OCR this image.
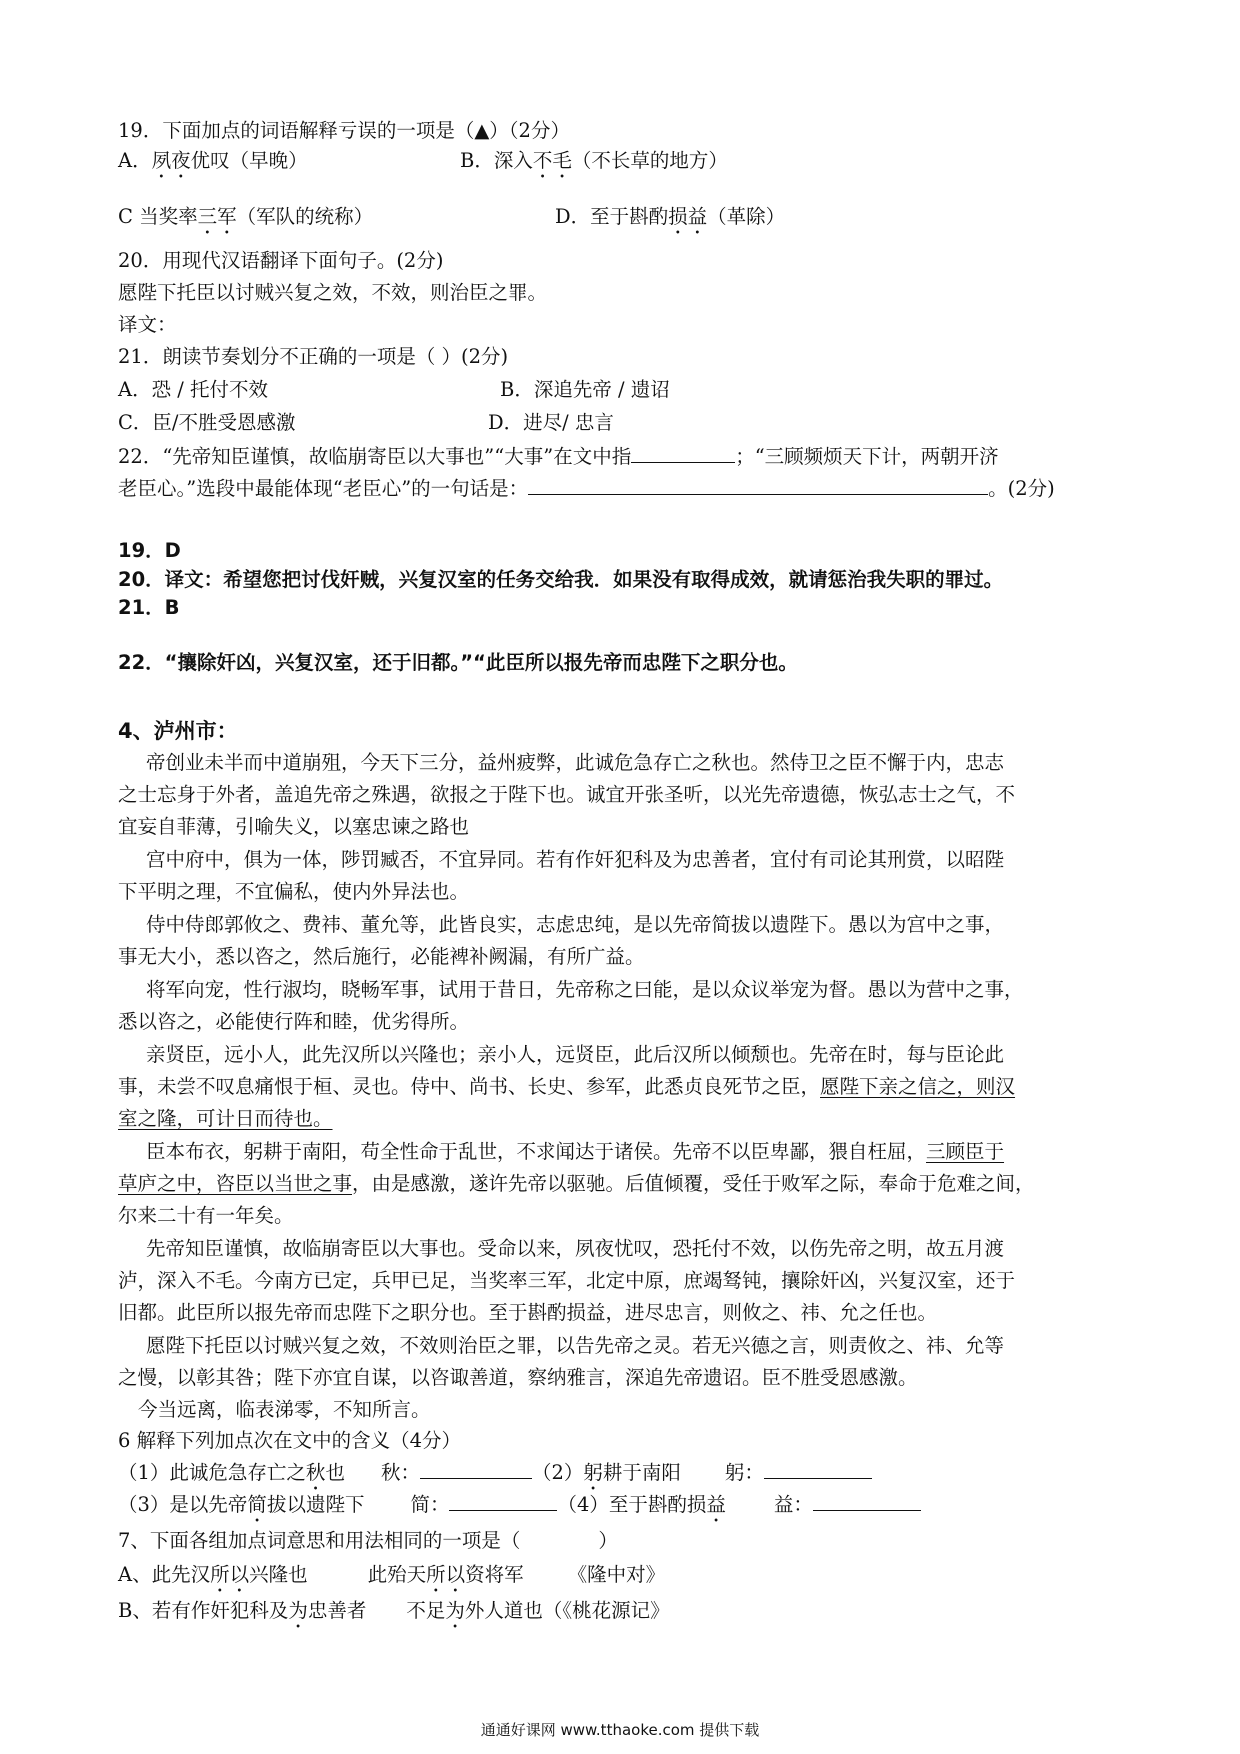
19．下面加点的词语解释亏误的一项是（▲）（2分）
A．夙夜优叹（早晚）	B．深入不毛（不长草的地方）
C 当奖率三军（军队的统称）	D．至于斟酌损益（革除）
20．用现代汉语翻译下面句子。(2分)
愿陛下托臣以讨贼兴复之效，不效，则治臣之罪。
译文：
21．朗读节奏划分不正确的一项是（ ）(2分)
A．恐 / 托付不效	B．深追先帝 / 遗诏
C．臣/不胜受恩感激	D．进尽/ 忠言
22．“先帝知臣谨慎，故临崩寄臣以大事也”“大事”在文中指	；“三顾频烦天下计，两朝开济
老臣心。”选段中最能体现“老臣心”的一句话是：	。(2分)
19．D
20．译文：希望您把讨伐奸贼，兴复汉室的任务交给我．如果没有取得成效，就请惩治我失职的罪过。
21．B
22．“攘除奸凶，兴复汉室，还于旧都。”“此臣所以报先帝而忠陛下之职分也。
4、泸州市：
帝创业未半而中道崩殂，今天下三分，益州疲弊，此诚危急存亡之秋也。然侍卫之臣不懈于内，忠志
之士忘身于外者，盖追先帝之殊遇，欲报之于陛下也。诚宜开张圣听，以光先帝遗德，恢弘志士之气，不
宜妄自菲薄，引喻失义，以塞忠谏之路也
宫中府中，俱为一体，陟罚臧否，不宜异同。若有作奸犯科及为忠善者，宜付有司论其刑赏，以昭陛
下平明之理，不宜偏私，使内外异法也。
侍中侍郎郭攸之、费祎、董允等，此皆良实，志虑忠纯，是以先帝简拔以遗陛下。愚以为宫中之事，
事无大小，悉以咨之，然后施行，必能裨补阙漏，有所广益。
将军向宠，性行淑均，晓畅军事，试用于昔日，先帝称之曰能，是以众议举宠为督。愚以为营中之事，
悉以咨之，必能使行阵和睦，优劣得所。
亲贤臣，远小人，此先汉所以兴隆也；亲小人，远贤臣，此后汉所以倾颓也。先帝在时，每与臣论此
事，未尝不叹息痛恨于桓、灵也。侍中、尚书、长史、参军，此悉贞良死节之臣，愿陛下亲之信之，则汉
室之隆，可计日而待也。
臣本布衣，躬耕于南阳，苟全性命于乱世，不求闻达于诸侯。先帝不以臣卑鄙，猥自枉屈，三顾臣于
草庐之中，咨臣以当世之事，由是感激，遂许先帝以驱驰。后值倾覆，受任于败军之际，奉命于危难之间，
尔来二十有一年矣。
先帝知臣谨慎，故临崩寄臣以大事也。受命以来，夙夜忧叹，恐托付不效，以伤先帝之明，故五月渡
泸，深入不毛。今南方已定，兵甲已足，当奖率三军，北定中原，庶竭驽钝，攘除奸凶，兴复汉室，还于
旧都。此臣所以报先帝而忠陛下之职分也。至于斟酌损益，进尽忠言，则攸之、祎、允之任也。
愿陛下托臣以讨贼兴复之效，不效则治臣之罪，以告先帝之灵。若无兴德之言，则责攸之、祎、允等
之慢，以彰其咎；陛下亦宜自谋，以咨诹善道，察纳雅言，深追先帝遗诏。臣不胜受恩感激。
今当远离，临表涕零，不知所言。
6 解释下列加点次在文中的含义（4分）
（1）此诚危急存亡之秋也 秋：	（2）躬耕于南阳 躬：
（3）是以先帝简拔以遗陛下 简：	（4）至于斟酌损益 益：
7、下面各组加点词意思和用法相同的一项是（	）
A、此先汉所以兴隆也	此殆天所以资将军 《隆中对》
B、若有作奸犯科及为忠善者 不足为外人道也（《桃花源记》
通通好课网 www.tthaoke.com 提供下载
